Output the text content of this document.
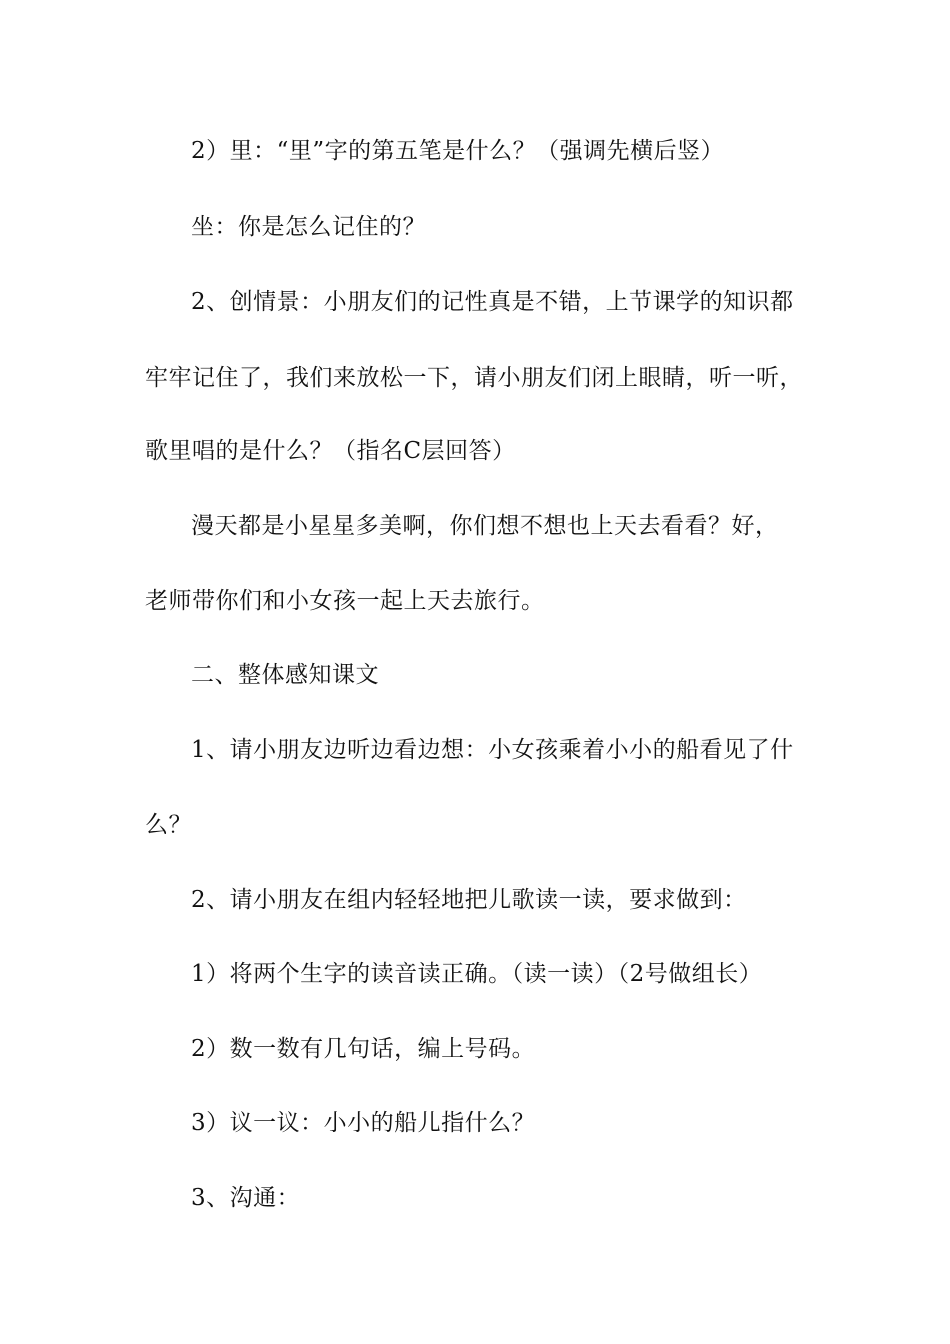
2）里：“里”字的第五笔是什么？（强调先横后竖）
坐：你是怎么记住的？
2、创情景：小朋友们的记性真是不错，上节课学的知识都
牢牢记住了，我们来放松一下，请小朋友们闭上眼睛，听一听，
歌里唱的是什么？（指名C层回答）
漫天都是小星星多美啊，你们想不想也上天去看看？好，
老师带你们和小女孩一起上天去旅行。
二、整体感知课文
1、请小朋友边听边看边想：小女孩乘着小小的船看见了什
么？
2、请小朋友在组内轻轻地把儿歌读一读，要求做到：
1）将两个生字的读音读正确。（读一读）（2号做组长）
2）数一数有几句话，编上号码。
3）议一议：小小的船儿指什么？
3、沟通：
